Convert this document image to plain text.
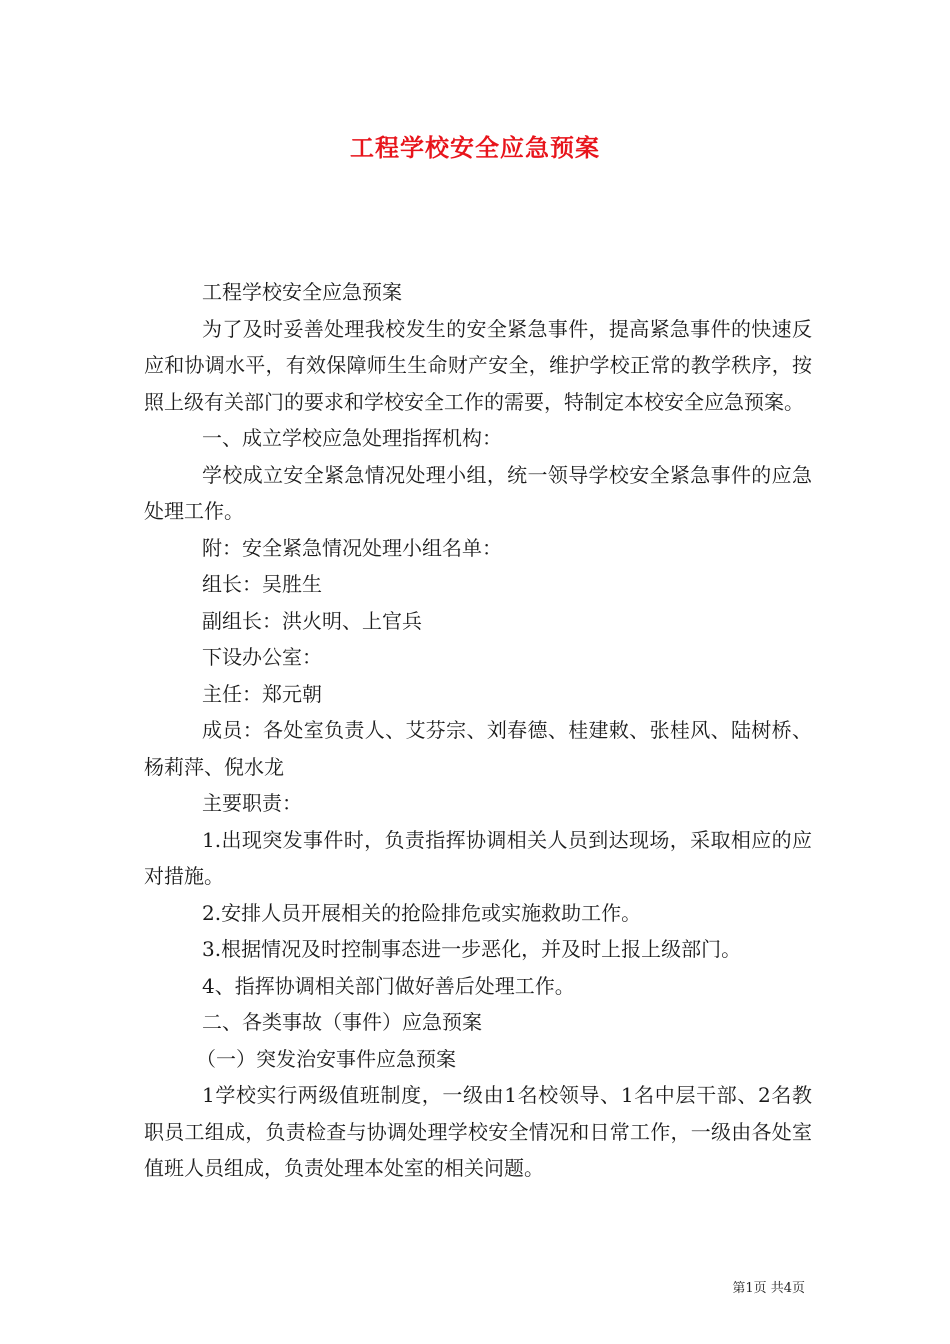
工程学校安全应急预案

工程学校安全应急预案

为了及时妥善处理我校发生的安全紧急事件，提高紧急事件的快速反应和协调水平，有效保障师生生命财产安全，维护学校正常的教学秩序，按照上级有关部门的要求和学校安全工作的需要，特制定本校安全应急预案。

一、成立学校应急处理指挥机构：

学校成立安全紧急情况处理小组，统一领导学校安全紧急事件的应急处理工作。

附：安全紧急情况处理小组名单：

组长：吴胜生

副组长：洪火明、上官兵

下设办公室：

主任：郑元朝

成员：各处室负责人、艾芬宗、刘春德、桂建敕、张桂风、陆树桥、杨莉萍、倪水龙

主要职责：

1.出现突发事件时，负责指挥协调相关人员到达现场，采取相应的应对措施。

2.安排人员开展相关的抢险排危或实施救助工作。

3.根据情况及时控制事态进一步恶化，并及时上报上级部门。

4、指挥协调相关部门做好善后处理工作。

二、各类事故（事件）应急预案

（一）突发治安事件应急预案

1学校实行两级值班制度，一级由1名校领导、1名中层干部、2名教职员工组成，负责检查与协调处理学校安全情况和日常工作，一级由各处室值班人员组成，负责处理本处室的相关问题。

第1页 共4页
